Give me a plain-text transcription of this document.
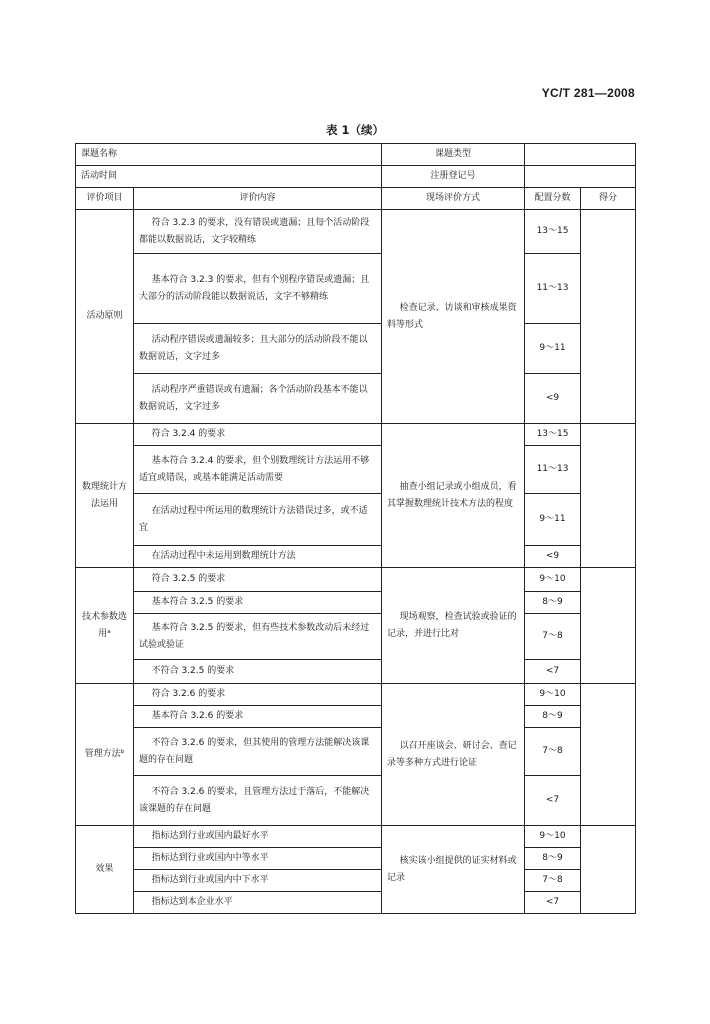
YC/T 281—2008
表 1（续）
课题名称		课题类型		
活动时间		注册登记号		
评价项目	评价内容	现场评价方式	配置分数	得分
活动原则	符合 3.2.3 的要求，没有错误或遗漏；且每个活动阶段都能以数据说话，文字较精练	检查记录、访谈和审核成果资料等形式	13～15	
	基本符合 3.2.3 的要求，但有个别程序错误或遗漏；且大部分的活动阶段能以数据说话，文字不够精练		11～13	
	活动程序错误或遗漏较多；且大部分的活动阶段不能以数据说话，文字过多		9～11	
	活动程序严重错误或有遗漏；各个活动阶段基本不能以数据说话，文字过多		<9	
数理统计方法运用	符合 3.2.4 的要求	抽查小组记录或小组成员，看其掌握数理统计技术方法的程度	13～15	
	基本符合 3.2.4 的要求，但个别数理统计方法运用不够适宜或错误，或基本能满足活动需要		11～13	
	在活动过程中所运用的数理统计方法错误过多，或不适宜		9～11	
	在活动过程中未运用到数理统计方法		<9	
技术参数选用ᵃ	符合 3.2.5 的要求	现场观察，检查试验或验证的记录，并进行比对	9～10	
	基本符合 3.2.5 的要求		8～9	
	基本符合 3.2.5 的要求，但有些技术参数改动后未经过试验或验证		7～8	
	不符合 3.2.5 的要求		<7	
管理方法ᵇ	符合 3.2.6 的要求	以召开座谈会、研讨会、查记录等多种方式进行论证	9～10	
	基本符合 3.2.6 的要求		8～9	
	不符合 3.2.6 的要求，但其使用的管理方法能解决该课题的存在问题		7～8	
	不符合 3.2.6 的要求，且管理方法过于落后，不能解决该课题的存在问题		<7	
效果	指标达到行业或国内最好水平	核实该小组提供的证实材料或记录	9～10	
	指标达到行业或国内中等水平		8～9	
	指标达到行业或国内中下水平		7～8	
	指标达到本企业水平		<7	
